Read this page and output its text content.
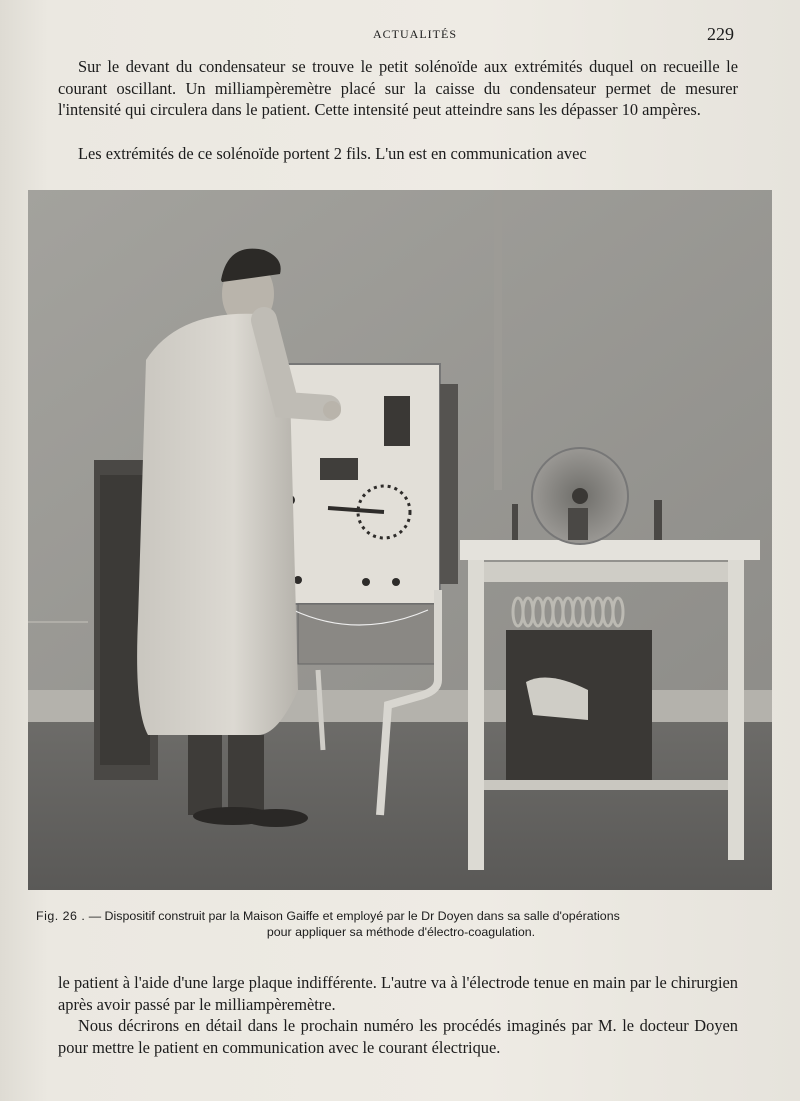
ACTUALITÉS	229

Sur le devant du condensateur se trouve le petit solénoïde aux extrémités duquel on recueille le courant oscillant. Un milliampèremètre placé sur la caisse du condensateur permet de mesurer l'intensité qui circulera dans le patient. Cette intensité peut atteindre sans les dépasser 10 ampères.

Les extrémités de ce solénoïde portent 2 fils. L'un est en communication avec

Fig. 26 . — Dispositif construit par la Maison Gaiffe et employé par le Dr Doyen dans sa salle d'opérations
pour appliquer sa méthode d'électro-coagulation.

le patient à l'aide d'une large plaque indifférente. L'autre va à l'électrode tenue en main par le chirurgien après avoir passé par le milliampèremètre.

Nous décrirons en détail dans le prochain numéro les procédés imaginés par M. le docteur Doyen pour mettre le patient en communication avec le courant électrique.
